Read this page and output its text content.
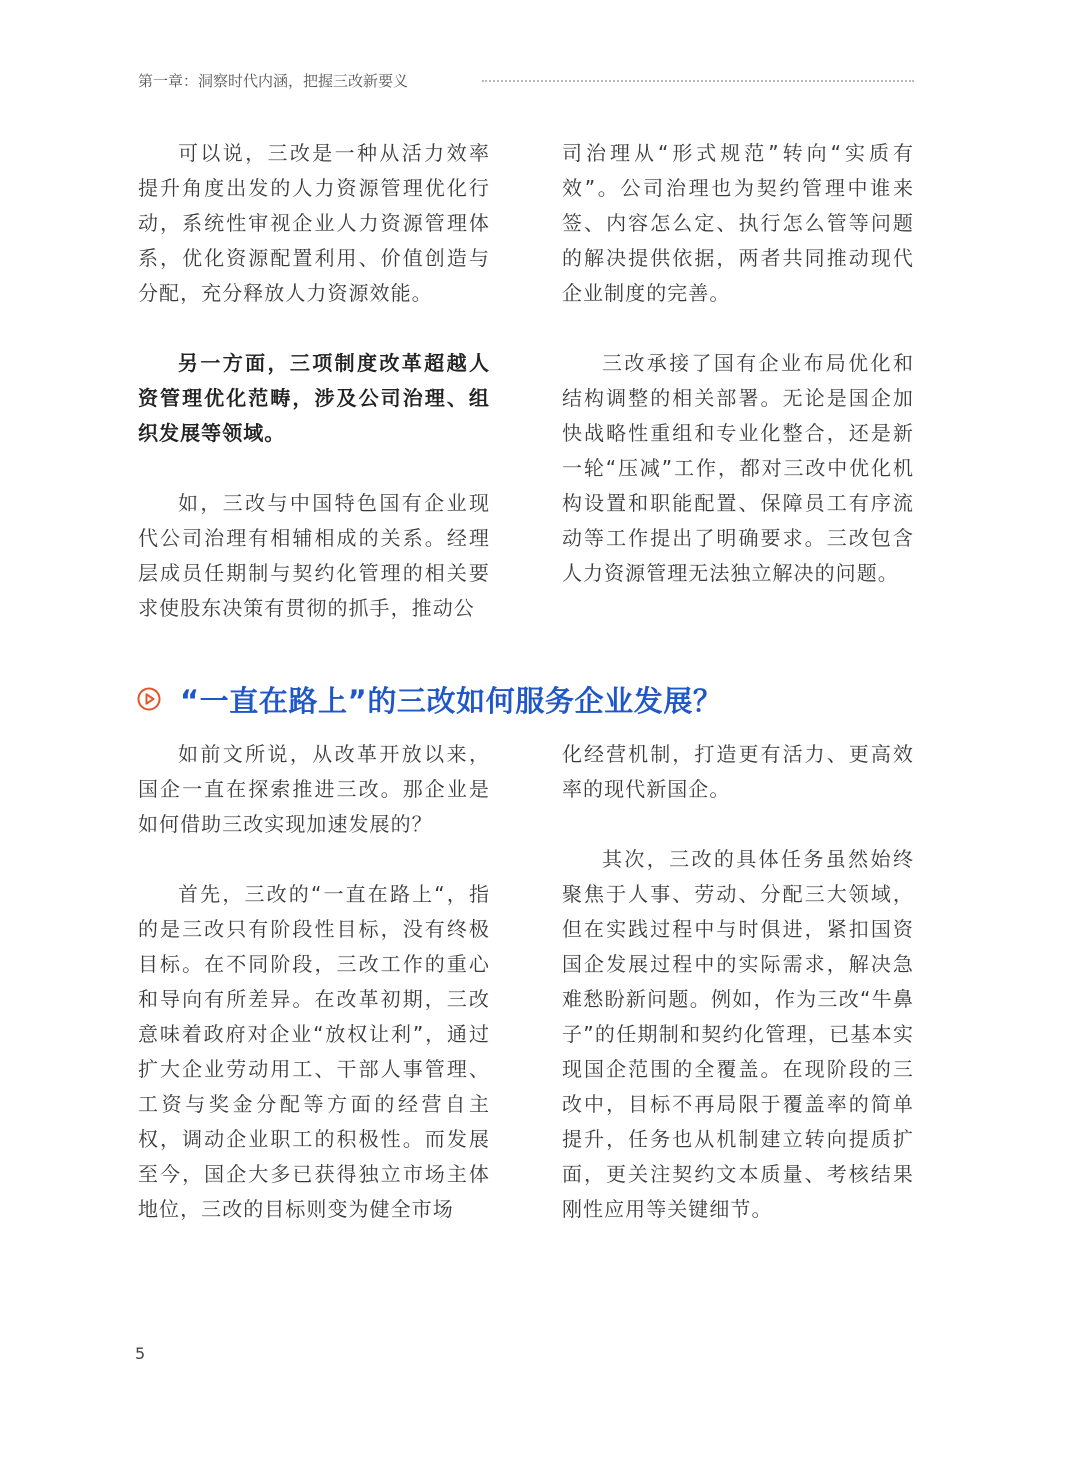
第一章：洞察时代内涵，把握三改新要义

可以说，三改是一种从活力效率提升角度出发的人力资源管理优化行动，系统性审视企业人力资源管理体系，优化资源配置利用、价值创造与分配，充分释放人力资源效能。

另一方面，三项制度改革超越人资管理优化范畴，涉及公司治理、组织发展等领域。

如，三改与中国特色国有企业现代公司治理有相辅相成的关系。经理层成员任期制与契约化管理的相关要求使股东决策有贯彻的抓手，推动公

司治理从“形式规范”转向“实质有效”。公司治理也为契约管理中谁来签、内容怎么定、执行怎么管等问题的解决提供依据，两者共同推动现代企业制度的完善。

三改承接了国有企业布局优化和结构调整的相关部署。无论是国企加快战略性重组和专业化整合，还是新一轮“压减”工作，都对三改中优化机构设置和职能配置、保障员工有序流动等工作提出了明确要求。三改包含人力资源管理无法独立解决的问题。

“一直在路上”的三改如何服务企业发展？

如前文所说，从改革开放以来，国企一直在探索推进三改。那企业是如何借助三改实现加速发展的？

首先，三改的“一直在路上“，指的是三改只有阶段性目标，没有终极目标。在不同阶段，三改工作的重心和导向有所差异。在改革初期，三改意味着政府对企业“放权让利”，通过扩大企业劳动用工、干部人事管理、工资与奖金分配等方面的经营自主权，调动企业职工的积极性。而发展至今，国企大多已获得独立市场主体地位，三改的目标则变为健全市场

化经营机制，打造更有活力、更高效率的现代新国企。

其次，三改的具体任务虽然始终聚焦于人事、劳动、分配三大领域，但在实践过程中与时俱进，紧扣国资国企发展过程中的实际需求，解决急难愁盼新问题。例如，作为三改“牛鼻子”的任期制和契约化管理，已基本实现国企范围的全覆盖。在现阶段的三改中，目标不再局限于覆盖率的简单提升，任务也从机制建立转向提质扩面，更关注契约文本质量、考核结果刚性应用等关键细节。

5
